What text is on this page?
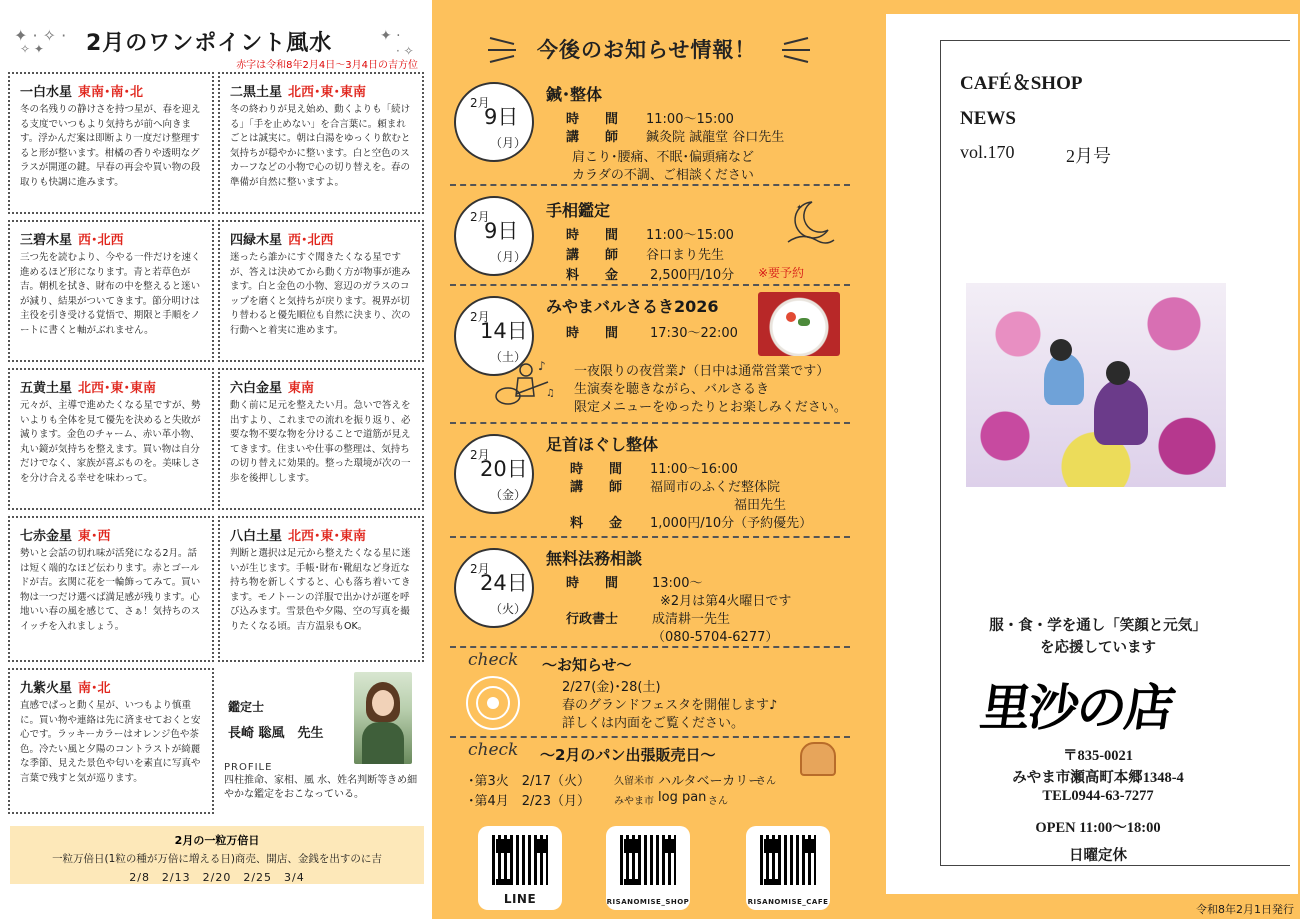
✦ · ✧ ·
✧ ✦ 2月のワンポイント風水	✦ ·
· ✧
赤字は令和8年2月4日～3月4日の吉方位
一白水星 東南･南･北
冬の名残りの静けさを持つ星が、春を迎える支度でいつもより気持ちが前へ向きます。浮かんだ案は即断より一度だけ整理すると形が整います。柑橘の香りや透明なグラスが開運の鍵。早春の再会や買い物の段取りも快調に進みます。
二黒土星 北西･東･東南
冬の終わりが見え始め、動くよりも「続ける」「手を止めない」を合言葉に。頼まれごとは誠実に。朝は白湯をゆっくり飲むと気持ちが穏やかに整います。白と空色のスカーフなどの小物で心の切り替えを。春の準備が自然に整いますよ。
三碧木星 西･北西
三つ先を読むより、今やる一件だけを速く進めるほど形になります。青と若草色が吉。朝机を拭き、財布の中を整えると迷いが減り、結果がついてきます。節分明けは主役を引き受ける覚悟で、期限と手順をノートに書くと軸がぶれません。
四緑木星 西･北西
迷ったら誰かにすぐ聞きたくなる星ですが、答えは決めてから動く方が物事が進みます。白と金色の小物、窓辺のガラスのコップを磨くと気持ちが戻ります。視界が切り替わると優先順位も自然に決まり、次の行動へと着実に進めます。
五黄土星 北西･東･東南
元々が、主導で進めたくなる星ですが、勢いよりも全体を見て優先を決めると失敗が減ります。金色のチャーム、赤い革小物、丸い鏡が気持ちを整えます。買い物は自分だけでなく、家族が喜ぶものを。美味しさを分け合える幸せを味わって。
六白金星 東南
動く前に足元を整えたい月。急いで答えを出すより、これまでの流れを振り返り、必要な物不要な物を分けることで道筋が見えてきます。住まいや仕事の整理は、気持ちの切り替えに効果的。整った環境が次の一歩を後押しします。
七赤金星 東･西
勢いと会話の切れ味が活発になる2月。話は短く端的なほど伝わります。赤とゴールドが吉。玄関に花を一輪飾ってみて。買い物は一つだけ選べば満足感が残ります。心地いい春の風を感じて、さぁ！気持ちのスイッチを入れましょう。
八白土星 北西･東･東南
判断と選択は足元から整えたくなる星に迷いが生じます。手帳･財布･靴紐など身近な持ち物を新しくすると、心も落ち着いてきます。モノトーンの洋服で出かけが運を呼び込みます。雪景色や夕陽、空の写真を撮りたくなる頃。吉方温泉もOK。
九紫火星 南･北
直感でぱっと動く星が、いつもより慎重に。買い物や連絡は先に済ませておくと安心です。ラッキーカラーはオレンジ色や茶色。冷たい風と夕陽のコントラストが綺麗な季節、見えた景色や匂いを素直に写真や言葉で残すと気が巡ります。
鑑定士
長崎 聡風　先生
PROFILE
四柱推命、家相、風 水、姓名判断等きめ細やかな鑑定をおこなっている。
2月の一粒万倍日
一粒万倍日(1粒の種が万倍に増える日)商売、開店、金銭を出すのに吉
2/8　2/13　2/20　2/25　3/4
今後のお知らせ情報！
2月
9日
（月）
鍼･整体
時　　間 11:00～15:00
講　　師 鍼灸院 誠龍堂 谷口先生
肩こり･腰痛、不眠･偏頭痛など
カラダの不調、ご相談ください
2月
9日
（月）
手相鑑定
時　　間 11:00～15:00
講　　師 谷口まり先生
料　　金 2,500円/10分 ※要予約
✦
2月
14日
（土）
みやまバルさるき2026
時　　間 17:30～22:00
一夜限りの夜営業♪（日中は通常営業です）
生演奏を聴きながら、バルさるき
限定メニューをゆったりとお楽しみください。
♪
♫
2月
20日
（金）
足首ほぐし整体
時　　間 11:00～16:00
講　　師 福岡市のふくだ整体院
福田先生
料　　金 1,000円/10分（予約優先）
2月
24日
（火）
無料法務相談
時　　間	13:00～
※2月は第4火曜日です
行政書士	成清耕一先生
（080-5704-6277）
check ～お知らせ～
2/27(金)･28(土)
春のグランドフェスタを開催します♪
詳しくは内面をご覧ください。
check ～2月のパン出張販売日～
･第3火　2/17（火） 久留米市 ハルタベーカリー
さん
･第4月　2/23（月） みやま市 log pan さん
LINE	RISANOMISE_SHOP	RISANOMISE_CAFE
CAFÉ＆SHOP
NEWS
vol.170	2月号
服・食・学を通し「笑顔と元気」
を応援しています
里沙の店
〒835-0021
みやま市瀬高町本郷1348-4
TEL0944-63-7277
OPEN 11:00～18:00
日曜定休
令和8年2月1日発行
